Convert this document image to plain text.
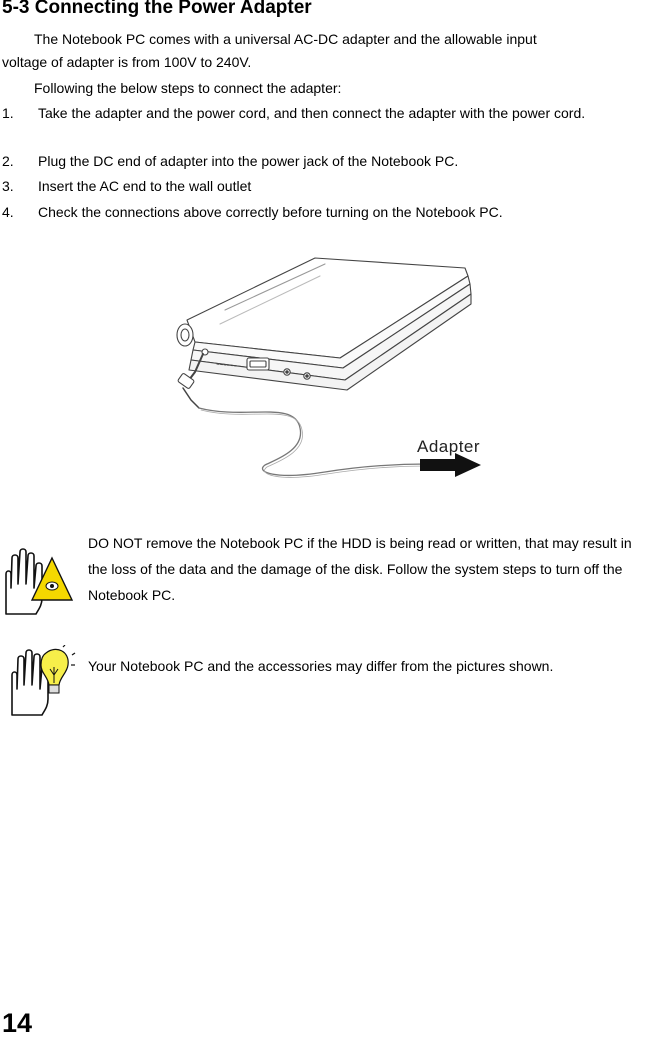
5-3 Connecting the Power Adapter
The Notebook PC comes with a universal AC-DC adapter and the allowable input
voltage of adapter is from 100V to 240V.
Following the below steps to connect the adapter:
1. Take the adapter and the power cord, and then connect the adapter with the power cord.
2. Plug the DC end of adapter into the power jack of the Notebook PC.
3. Insert the AC end to the wall outlet
4. Check the connections above correctly before turning on the Notebook PC.
Adapter
DO NOT remove the Notebook PC if the HDD is being read or written, that may result in the loss of the data and the damage of the disk. Follow the system steps to turn off the Notebook PC.
Your Notebook PC and the accessories may differ from the pictures shown.
14
